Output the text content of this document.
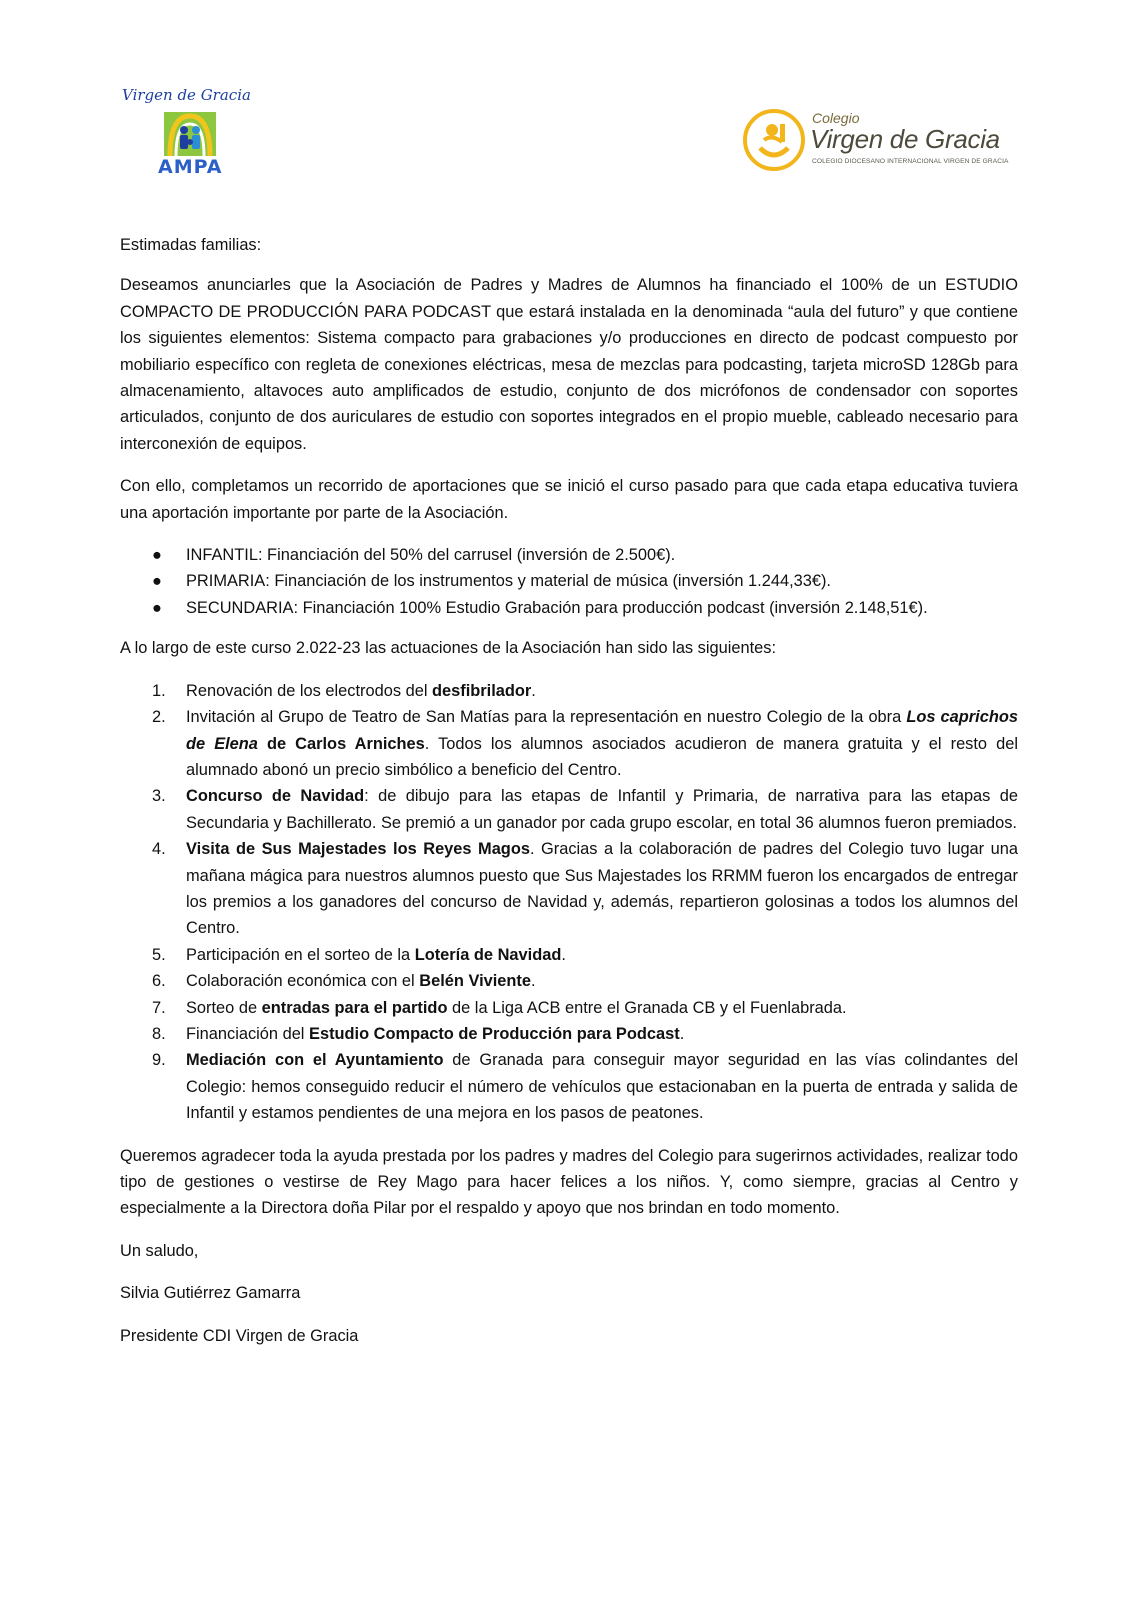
Virgen de Gracia
AMPA
Colegio
Virgen de Gracia
COLEGIO DIOCESANO INTERNACIONAL VIRGEN DE GRACIA

Estimadas familias:

Deseamos anunciarles que la Asociación de Padres y Madres de Alumnos ha financiado el 100% de un ESTUDIO COMPACTO DE PRODUCCIÓN PARA PODCAST que estará instalada en la denominada “aula del futuro” y que contiene los siguientes elementos: Sistema compacto para grabaciones y/o producciones en directo de podcast compuesto por mobiliario específico con regleta de conexiones eléctricas, mesa de mezclas para podcasting, tarjeta microSD 128Gb para almacenamiento, altavoces auto amplificados de estudio, conjunto de dos micrófonos de condensador con soportes articulados, conjunto de dos auriculares de estudio con soportes integrados en el propio mueble, cableado necesario para interconexión de equipos.

Con ello, completamos un recorrido de aportaciones que se inició el curso pasado para que cada etapa educativa tuviera una aportación importante por parte de la Asociación.

● INFANTIL: Financiación del 50% del carrusel (inversión de 2.500€).
● PRIMARIA: Financiación de los instrumentos y material de música (inversión 1.244,33€).
● SECUNDARIA: Financiación 100% Estudio Grabación para producción podcast (inversión 2.148,51€).

A lo largo de este curso 2.022-23 las actuaciones de la Asociación han sido las siguientes:

1. Renovación de los electrodos del desfibrilador.
2. Invitación al Grupo de Teatro de San Matías para la representación en nuestro Colegio de la obra Los caprichos de Elena de Carlos Arniches. Todos los alumnos asociados acudieron de manera gratuita y el resto del alumnado abonó un precio simbólico a beneficio del Centro.
3. Concurso de Navidad: de dibujo para las etapas de Infantil y Primaria, de narrativa para las etapas de Secundaria y Bachillerato. Se premió a un ganador por cada grupo escolar, en total 36 alumnos fueron premiados.
4. Visita de Sus Majestades los Reyes Magos. Gracias a la colaboración de padres del Colegio tuvo lugar una mañana mágica para nuestros alumnos puesto que Sus Majestades los RRMM fueron los encargados de entregar los premios a los ganadores del concurso de Navidad y, además, repartieron golosinas a todos los alumnos del Centro.
5. Participación en el sorteo de la Lotería de Navidad.
6. Colaboración económica con el Belén Viviente.
7. Sorteo de entradas para el partido de la Liga ACB entre el Granada CB y el Fuenlabrada.
8. Financiación del Estudio Compacto de Producción para Podcast.
9. Mediación con el Ayuntamiento de Granada para conseguir mayor seguridad en las vías colindantes del Colegio: hemos conseguido reducir el número de vehículos que estacionaban en la puerta de entrada y salida de Infantil y estamos pendientes de una mejora en los pasos de peatones.

Queremos agradecer toda la ayuda prestada por los padres y madres del Colegio para sugerirnos actividades, realizar todo tipo de gestiones o vestirse de Rey Mago para hacer felices a los niños. Y, como siempre, gracias al Centro y especialmente a la Directora doña Pilar por el respaldo y apoyo que nos brindan en todo momento.

Un saludo,

Silvia Gutiérrez Gamarra

Presidente CDI Virgen de Gracia
